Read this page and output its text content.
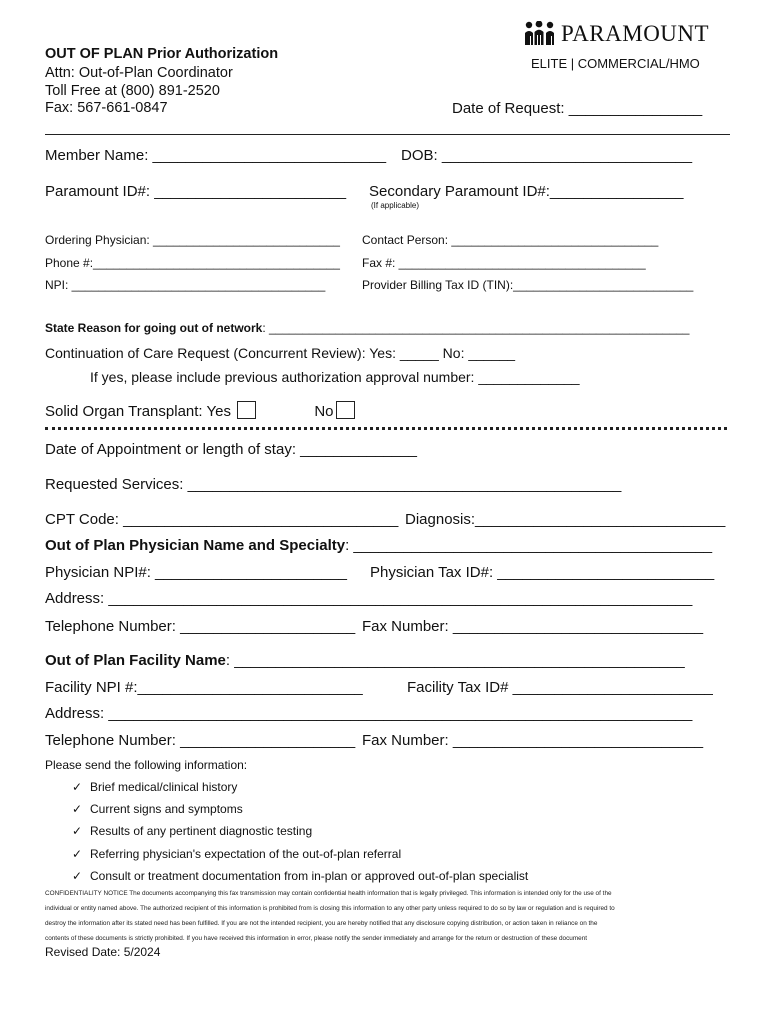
OUT OF PLAN Prior Authorization
Attn: Out-of-Plan Coordinator
Toll Free at (800) 891-2520
Fax: 567-661-0847
PARAMOUNT
ELITE | COMMERCIAL/HMO
Date of Request: ________________
Member Name: ____________________________ DOB: ______________________________
Paramount ID#: _______________________ Secondary Paramount ID#:________________
(If applicable)
Ordering Physician: ____________________________ Contact Person: _______________________________
Phone #:_____________________________________ Fax #: _____________________________________
NPI: ______________________________________	Provider Billing Tax ID (TIN):___________________________
State Reason for going out of network: _______________________________________________________________
Continuation of Care Request (Concurrent Review): Yes: _____ No: ______
If yes, please include previous authorization approval number: _____________
Solid Organ Transplant: Yes	No
Date of Appointment or length of stay: ______________
Requested Services: ____________________________________________________
CPT Code: _________________________________ Diagnosis:______________________________
Out of Plan Physician Name and Specialty: ___________________________________________
Physician NPI#: _______________________ Physician Tax ID#: __________________________
Address: ______________________________________________________________________
Telephone Number: _____________________ Fax Number: ______________________________
Out of Plan Facility Name: ______________________________________________________
Facility NPI #:___________________________	Facility Tax ID# ________________________
Address: ______________________________________________________________________
Telephone Number: _____________________ Fax Number: ______________________________
Please send the following information:
✓ Brief medical/clinical history
✓ Current signs and symptoms
✓ Results of any pertinent diagnostic testing
✓ Referring physician's expectation of the out-of-plan referral
✓ Consult or treatment documentation from in-plan or approved out-of-plan specialist
CONFIDENTIALITY NOTICE The documents accompanying this fax transmission may contain confidential health information that is legally privileged. This information is intended only for the use of the
individual or entity named above. The authorized recipient of this information is prohibited from is closing this information to any other party unless required to do so by law or regulation and is required to
destroy the information after its stated need has been fulfilled. If you are not the intended recipient, you are hereby notified that any disclosure copying distribution, or action taken in reliance on the
contents of these documents is strictly prohibited. If you have received this information in error, please notify the sender immediately and arrange for the return or destruction of these document
Revised Date: 5/2024
